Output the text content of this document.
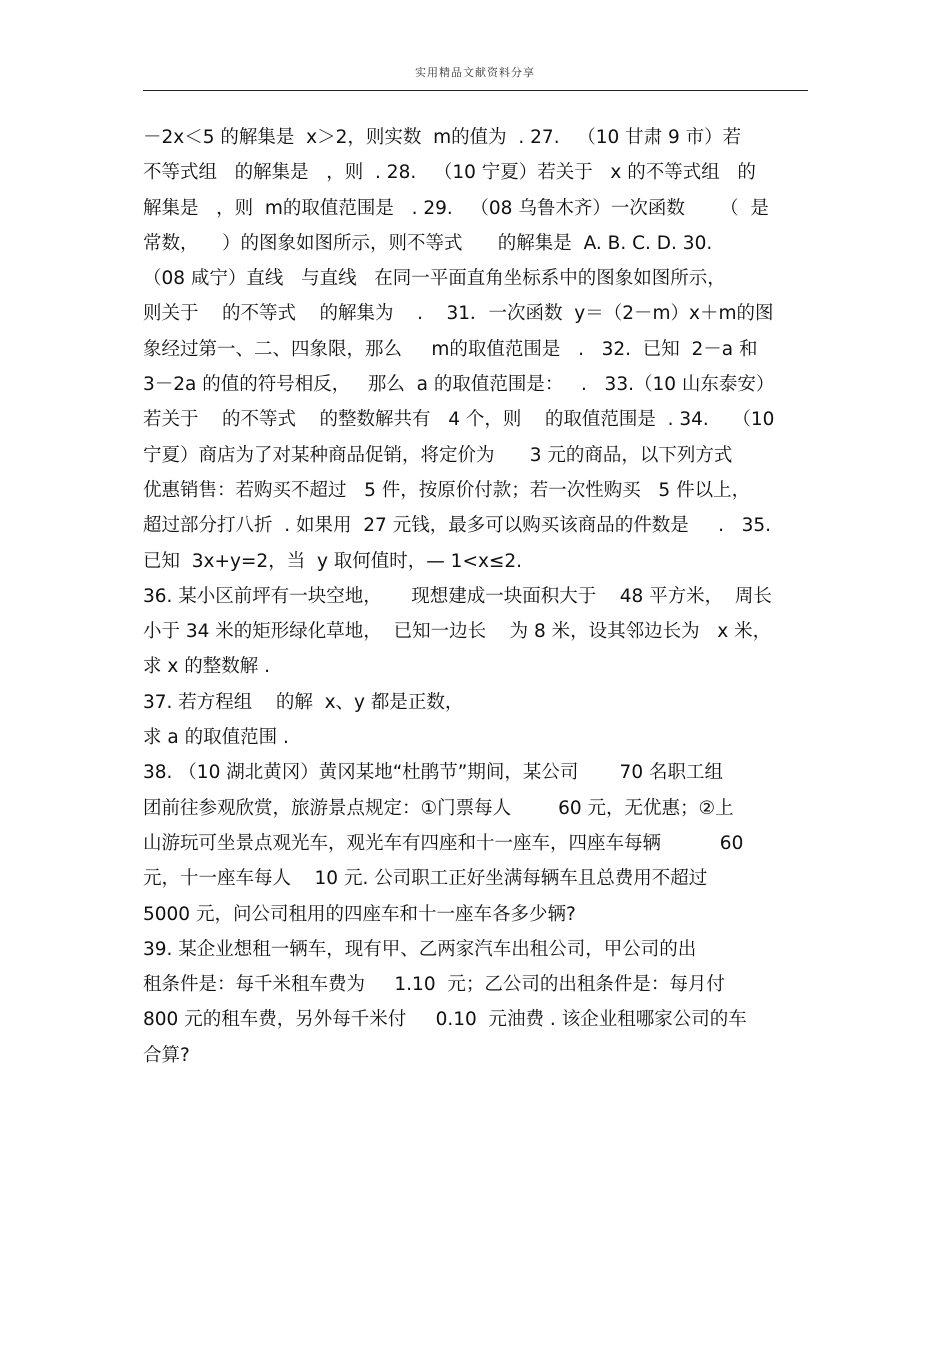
实用精品文献资料分享
－2x＜5 的解集是  x＞2，则实数  m的值为  . 27.   （10 甘肃 9 市）若
不等式组   的解集是   ，则  . 28.   （10 宁夏）若关于   x 的不等式组   的
解集是   ，则  m的取值范围是   . 29.   （08 乌鲁木齐）一次函数      （  是
常数，    ）的图象如图所示，则不等式      的解集是  A. B. C. D. 30.
（08 咸宁）直线   与直线   在同一平面直角坐标系中的图象如图所示，
则关于    的不等式    的解集为    .    31．一次函数  y＝（2－m）x＋m的图
象经过第一、二、四象限，那么     m的取值范围是   .   32.  已知  2－a 和
3－2a 的值的符号相反，   那么  a 的取值范围是：   .   33.（10 山东泰安）
若关于    的不等式    的整数解共有   4 个，则    的取值范围是  . 34.    （10
宁夏）商店为了对某种商品促销，将定价为      3 元的商品，以下列方式
优惠销售：若购买不超过   5 件，按原价付款；若一次性购买   5 件以上，
超过部分打八折  . 如果用  27 元钱，最多可以购买该商品的件数是     .   35.
已知  3x+y=2，当  y 取何值时，— 1<x≤2.
36. 某小区前坪有一块空地，     现想建成一块面积大于    48 平方米，  周长
小于 34 米的矩形绿化草地，  已知一边长    为 8 米，设其邻边长为   x 米，
求 x 的整数解 .
37. 若方程组    的解  x、y 都是正数，
求 a 的取值范围 .
38. （10 湖北黄冈）黄冈某地“杜鹃节”期间，某公司       70 名职工组
团前往参观欣赏，旅游景点规定：①门票每人        60 元，无优惠；②上
山游玩可坐景点观光车，观光车有四座和十一座车，四座车每辆          60
元，十一座车每人    10 元. 公司职工正好坐满每辆车且总费用不超过
5000 元，问公司租用的四座车和十一座车各多少辆?
39. 某企业想租一辆车，现有甲、乙两家汽车出租公司，甲公司的出
租条件是：每千米租车费为     1.10  元；乙公司的出租条件是：每月付
800 元的租车费，另外每千米付     0.10  元油费 . 该企业租哪家公司的车
合算?
